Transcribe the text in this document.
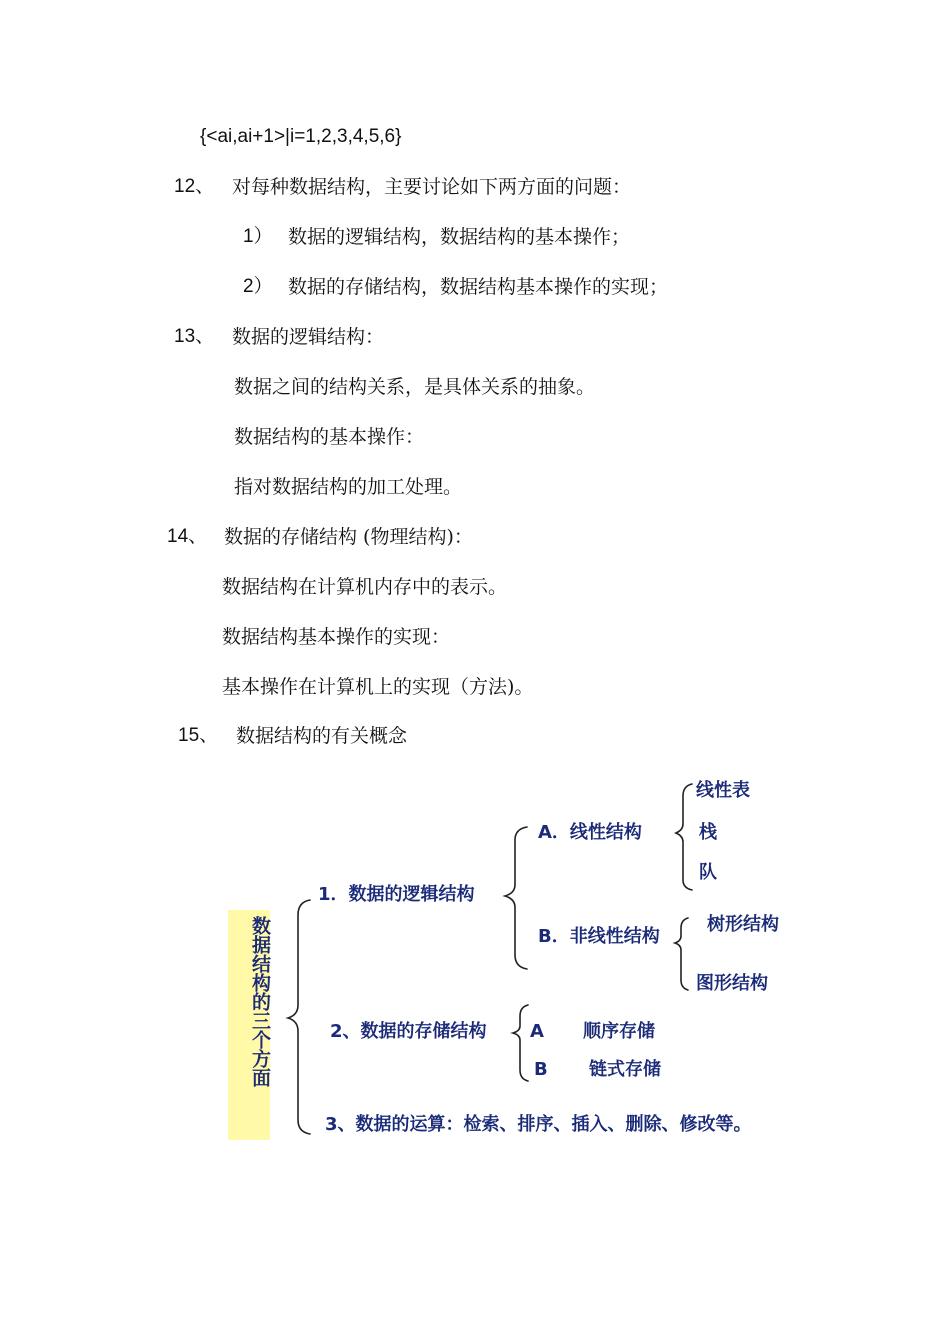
{<ai,ai+1>|i=1,2,3,4,5,6}
12、 对每种数据结构，主要讨论如下两方面的问题：
1） 数据的逻辑结构，数据结构的基本操作；
2） 数据的存储结构，数据结构基本操作的实现；
13、 数据的逻辑结构：
数据之间的结构关系，是具体关系的抽象。
数据结构的基本操作：
指对数据结构的加工处理。
14、 数据的存储结构 (物理结构)：
数据结构在计算机内存中的表示。
数据结构基本操作的实现：
基本操作在计算机上的实现（方法)。
15、 数据结构的有关概念
数据结构的三个方面
1．数据的逻辑结构
A．线性结构
线性表
栈
队
B．非线性结构
树形结构
图形结构
2、数据的存储结构 A 顺序存储
B 链式存储
3、数据的运算：检索、排序、插入、删除、修改等。
